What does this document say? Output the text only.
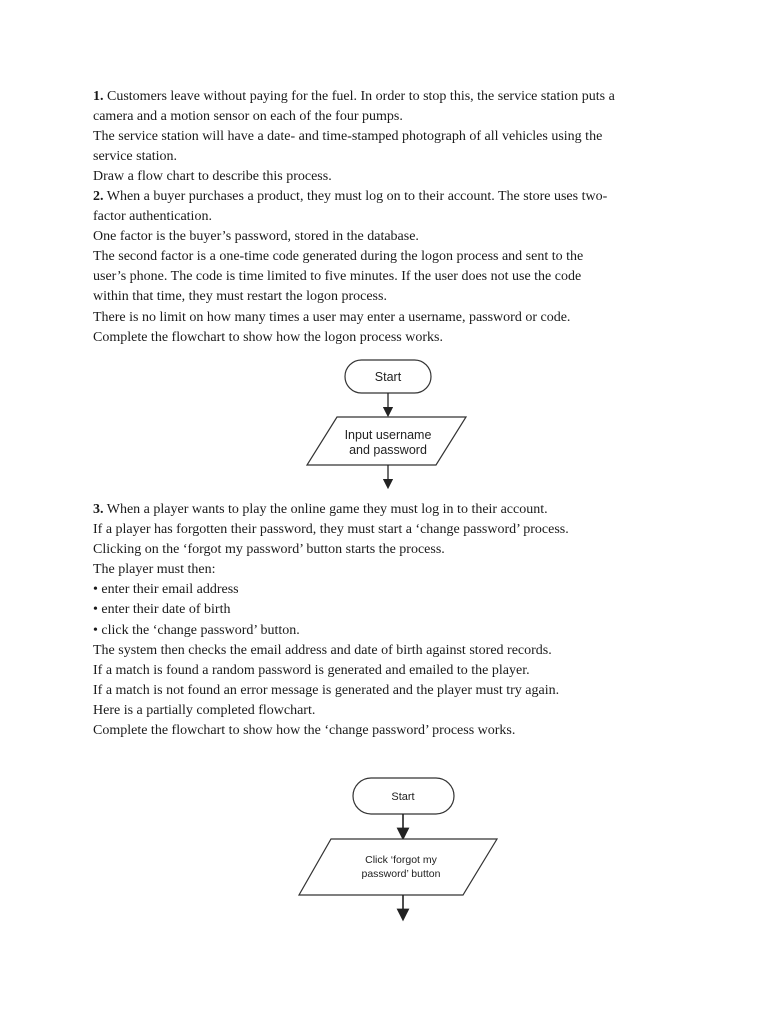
1. Customers leave without paying for the fuel. In order to stop this, the service station puts a
camera and a motion sensor on each of the four pumps.
The service station will have a date- and time-stamped photograph of all vehicles using the
service station.
Draw a flow chart to describe this process.
2. When a buyer purchases a product, they must log on to their account. The store uses two-
factor authentication.
One factor is the buyer’s password, stored in the database.
The second factor is a one-time code generated during the logon process and sent to the
user’s phone. The code is time limited to five minutes. If the user does not use the code
within that time, they must restart the logon process.
There is no limit on how many times a user may enter a username, password or code.
Complete the flowchart to show how the logon process works.
Start
Input username
and password
3. When a player wants to play the online game they must log in to their account.
If a player has forgotten their password, they must start a ‘change password’ process.
Clicking on the ‘forgot my password’ button starts the process.
The player must then:
• enter their email address
• enter their date of birth
• click the ‘change password’ button.
The system then checks the email address and date of birth against stored records.
If a match is found a random password is generated and emailed to the player.
If a match is not found an error message is generated and the player must try again.
Here is a partially completed flowchart.
Complete the flowchart to show how the ‘change password’ process works.
Start
Click ‘forgot my
password’ button
